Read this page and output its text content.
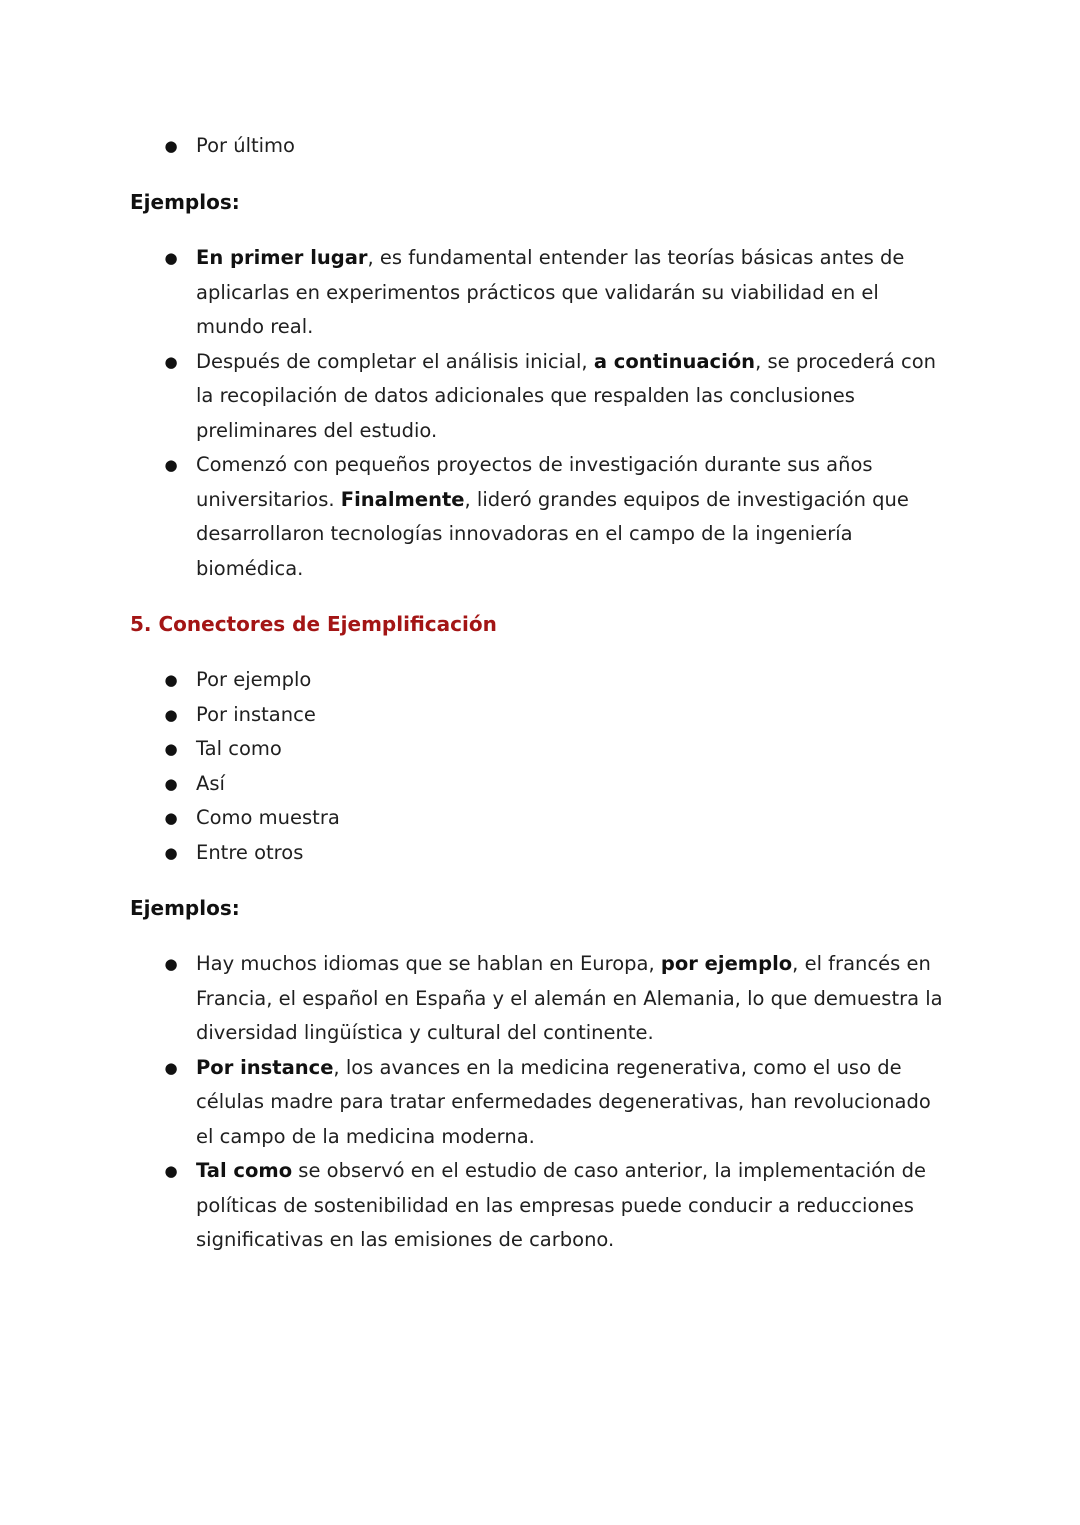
● Por último
Ejemplos:
● En primer lugar, es fundamental entender las teorías básicas antes de aplicarlas en experimentos prácticos que validarán su viabilidad en el mundo real.
● Después de completar el análisis inicial, a continuación, se procederá con la recopilación de datos adicionales que respalden las conclusiones preliminares del estudio.
● Comenzó con pequeños proyectos de investigación durante sus años universitarios. Finalmente, lideró grandes equipos de investigación que desarrollaron tecnologías innovadoras en el campo de la ingeniería biomédica.
5. Conectores de Ejemplificación
● Por ejemplo
● Por instance
● Tal como
● Así
● Como muestra
● Entre otros
Ejemplos:
● Hay muchos idiomas que se hablan en Europa, por ejemplo, el francés en Francia, el español en España y el alemán en Alemania, lo que demuestra la diversidad lingüística y cultural del continente.
● Por instance, los avances en la medicina regenerativa, como el uso de células madre para tratar enfermedades degenerativas, han revolucionado el campo de la medicina moderna.
● Tal como se observó en el estudio de caso anterior, la implementación de políticas de sostenibilidad en las empresas puede conducir a reducciones significativas en las emisiones de carbono.
